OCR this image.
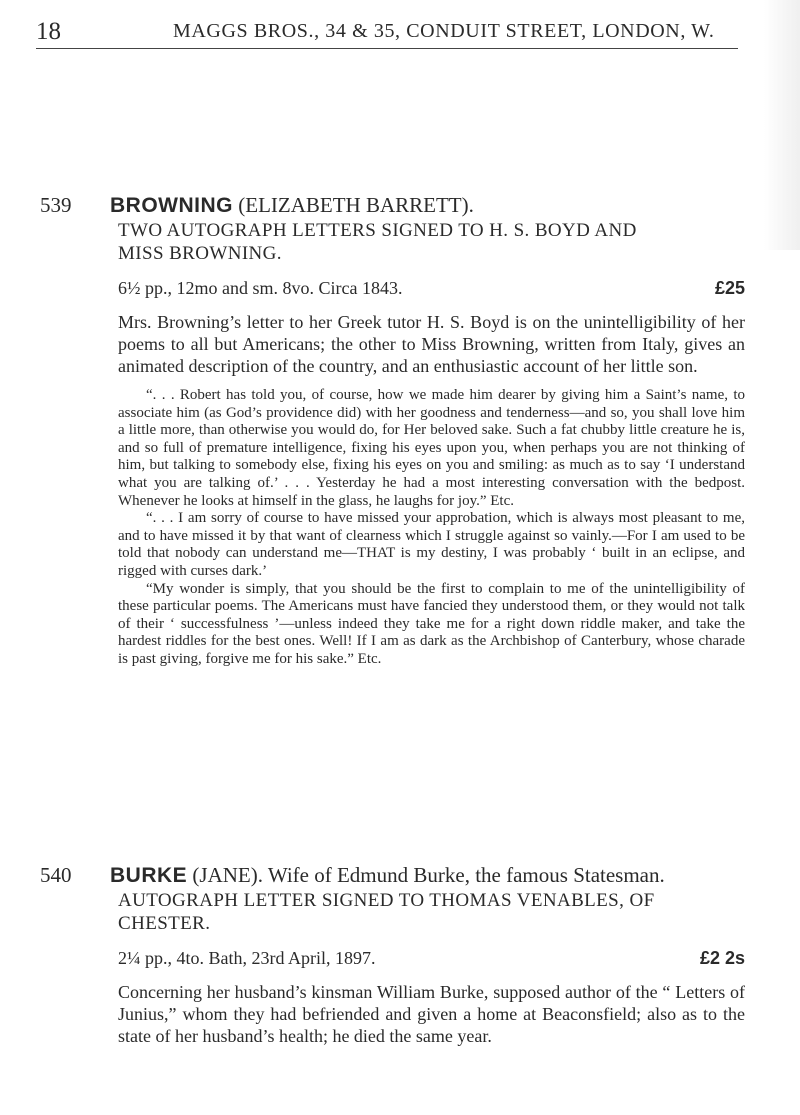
18	MAGGS BROS., 34 & 35, CONDUIT STREET, LONDON, W.
539 BROWNING (ELIZABETH BARRETT).
TWO AUTOGRAPH LETTERS SIGNED TO H. S. BOYD AND
MISS BROWNING.
6½ pp., 12mo and sm. 8vo. Circa 1843.	£25
Mrs. Browning’s letter to her Greek tutor H. S. Boyd is on the unintelligibility of her poems to all but Americans; the other to Miss Browning, written from Italy, gives an animated description of the country, and an enthusiastic account of her little son.

“. . . Robert has told you, of course, how we made him dearer by giving him a Saint’s name, to associate him (as God’s providence did) with her goodness and tenderness—and so, you shall love him a little more, than otherwise you would do, for Her beloved sake. Such a fat chubby little creature he is, and so full of premature intelligence, fixing his eyes upon you, when perhaps you are not thinking of him, but talking to somebody else, fixing his eyes on you and smiling: as much as to say ‘I understand what you are talking of.’ . . . Yesterday he had a most interesting conversation with the bedpost. Whenever he looks at himself in the glass, he laughs for joy.” Etc.

“. . . I am sorry of course to have missed your approbation, which is always most pleasant to me, and to have missed it by that want of clearness which I struggle against so vainly.—For I am used to be told that nobody can understand me—THAT is my destiny, I was probably ‘ built in an eclipse, and rigged with curses dark.’

“My wonder is simply, that you should be the first to complain to me of the unintelligibility of these particular poems. The Americans must have fancied they understood them, or they would not talk of their ‘ successfulness ’—unless indeed they take me for a right down riddle maker, and take the hardest riddles for the best ones. Well! If I am as dark as the Archbishop of Canterbury, whose charade is past giving, forgive me for his sake.” Etc.

540 BURKE (JANE). Wife of Edmund Burke, the famous Statesman.
AUTOGRAPH LETTER SIGNED TO THOMAS VENABLES, OF
CHESTER.
2¼ pp., 4to. Bath, 23rd April, 1897.	£2 2s
Concerning her husband’s kinsman William Burke, supposed author of the “ Letters of Junius,” whom they had befriended and given a home at Beaconsfield; also as to the state of her husband’s health; he died the same year.
